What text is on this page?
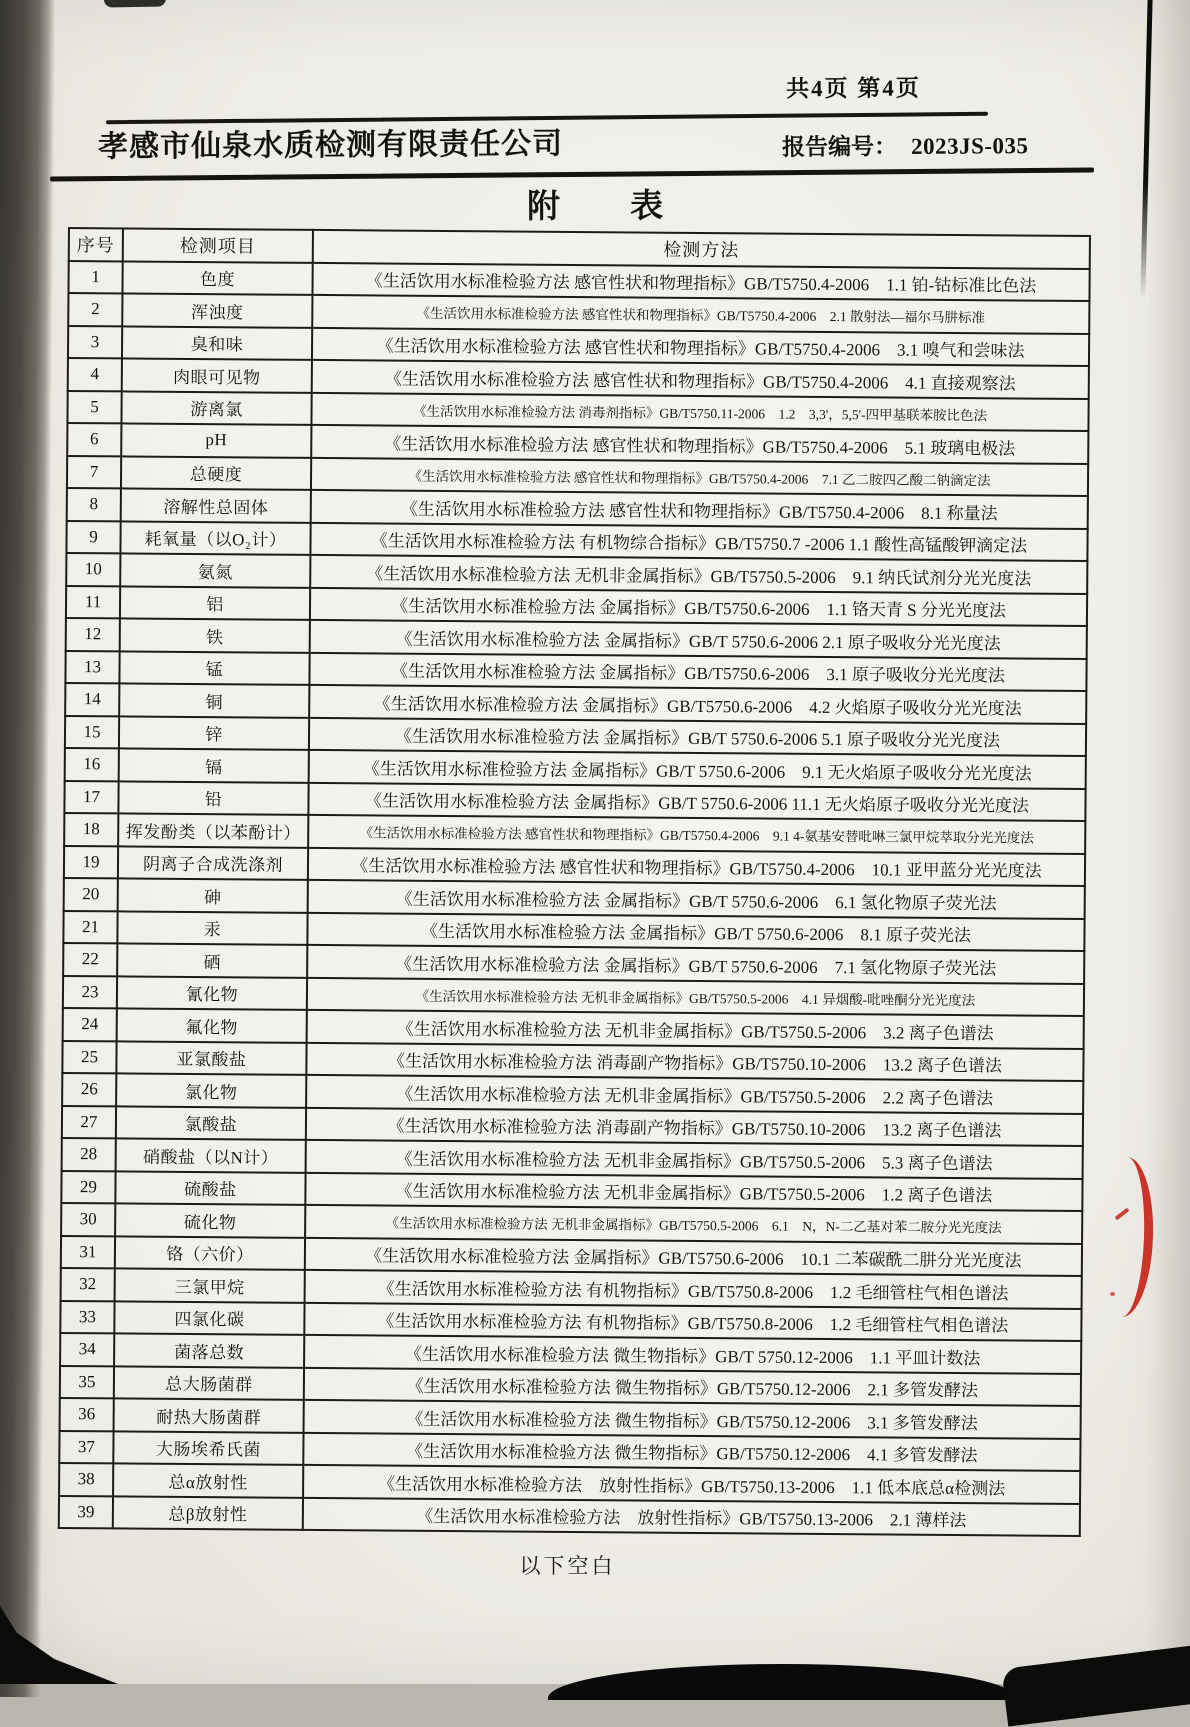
共4页 第4页
孝感市仙泉水质检测有限责任公司	报告编号： 2023JS-035
附表
序号	检测项目	检测方法
1	色度	《生活饮用水标准检验方法 感官性状和物理指标》GB/T5750.4-2006　1.1 铂-钴标准比色法
2	浑浊度	《生活饮用水标准检验方法 感官性状和物理指标》GB/T5750.4-2006　2.1 散射法—福尔马肼标准
3	臭和味	《生活饮用水标准检验方法 感官性状和物理指标》GB/T5750.4-2006　3.1 嗅气和尝味法
4	肉眼可见物	《生活饮用水标准检验方法 感官性状和物理指标》GB/T5750.4-2006　4.1 直接观察法
5	游离氯	《生活饮用水标准检验方法 消毒剂指标》GB/T5750.11-2006　1.2　3,3'，5,5'-四甲基联苯胺比色法
6	pH	《生活饮用水标准检验方法 感官性状和物理指标》GB/T5750.4-2006　5.1 玻璃电极法
7	总硬度	《生活饮用水标准检验方法 感官性状和物理指标》GB/T5750.4-2006　7.1 乙二胺四乙酸二钠滴定法
8	溶解性总固体	《生活饮用水标准检验方法 感官性状和物理指标》GB/T5750.4-2006　8.1 称量法
9	耗氧量（以O₂计）	《生活饮用水标准检验方法 有机物综合指标》GB/T5750.7 -2006 1.1 酸性高锰酸钾滴定法
10	氨氮	《生活饮用水标准检验方法 无机非金属指标》GB/T5750.5-2006　9.1 纳氏试剂分光光度法
11	铝	《生活饮用水标准检验方法 金属指标》GB/T5750.6-2006　1.1 铬天青 S 分光光度法
12	铁	《生活饮用水标准检验方法 金属指标》GB/T 5750.6-2006 2.1 原子吸收分光光度法
13	锰	《生活饮用水标准检验方法 金属指标》GB/T5750.6-2006　3.1 原子吸收分光光度法
14	铜	《生活饮用水标准检验方法 金属指标》GB/T5750.6-2006　4.2 火焰原子吸收分光光度法
15	锌	《生活饮用水标准检验方法 金属指标》GB/T 5750.6-2006 5.1 原子吸收分光光度法
16	镉	《生活饮用水标准检验方法 金属指标》GB/T 5750.6-2006　9.1 无火焰原子吸收分光光度法
17	铅	《生活饮用水标准检验方法 金属指标》GB/T 5750.6-2006 11.1 无火焰原子吸收分光光度法
18	挥发酚类（以苯酚计）	《生活饮用水标准检验方法 感官性状和物理指标》GB/T5750.4-2006　9.1 4-氨基安替吡啉三氯甲烷萃取分光光度法
19	阴离子合成洗涤剂	《生活饮用水标准检验方法 感官性状和物理指标》GB/T5750.4-2006　10.1 亚甲蓝分光光度法
20	砷	《生活饮用水标准检验方法 金属指标》GB/T 5750.6-2006　6.1 氢化物原子荧光法
21	汞	《生活饮用水标准检验方法 金属指标》GB/T 5750.6-2006　8.1 原子荧光法
22	硒	《生活饮用水标准检验方法 金属指标》GB/T 5750.6-2006　7.1 氢化物原子荧光法
23	氰化物	《生活饮用水标准检验方法 无机非金属指标》GB/T5750.5-2006　4.1 异烟酸-吡唑酮分光光度法
24	氟化物	《生活饮用水标准检验方法 无机非金属指标》GB/T5750.5-2006　3.2 离子色谱法
25	亚氯酸盐	《生活饮用水标准检验方法 消毒副产物指标》GB/T5750.10-2006　13.2 离子色谱法
26	氯化物	《生活饮用水标准检验方法 无机非金属指标》GB/T5750.5-2006　2.2 离子色谱法
27	氯酸盐	《生活饮用水标准检验方法 消毒副产物指标》GB/T5750.10-2006　13.2 离子色谱法
28	硝酸盐（以N计）	《生活饮用水标准检验方法 无机非金属指标》GB/T5750.5-2006　5.3 离子色谱法
29	硫酸盐	《生活饮用水标准检验方法 无机非金属指标》GB/T5750.5-2006　1.2 离子色谱法
30	硫化物	《生活饮用水标准检验方法 无机非金属指标》GB/T5750.5-2006　6.1　N，N-二乙基对苯二胺分光光度法
31	铬（六价）	《生活饮用水标准检验方法 金属指标》GB/T5750.6-2006　10.1 二苯碳酰二肼分光光度法
32	三氯甲烷	《生活饮用水标准检验方法 有机物指标》GB/T5750.8-2006　1.2 毛细管柱气相色谱法
33	四氯化碳	《生活饮用水标准检验方法 有机物指标》GB/T5750.8-2006　1.2 毛细管柱气相色谱法
34	菌落总数	《生活饮用水标准检验方法 微生物指标》GB/T 5750.12-2006　1.1 平皿计数法
35	总大肠菌群	《生活饮用水标准检验方法 微生物指标》GB/T5750.12-2006　2.1 多管发酵法
36	耐热大肠菌群	《生活饮用水标准检验方法 微生物指标》GB/T5750.12-2006　3.1 多管发酵法
37	大肠埃希氏菌	《生活饮用水标准检验方法 微生物指标》GB/T5750.12-2006　4.1 多管发酵法
38	总α放射性	《生活饮用水标准检验方法　放射性指标》GB/T5750.13-2006　1.1 低本底总α检测法
39	总β放射性	《生活饮用水标准检验方法　放射性指标》GB/T5750.13-2006　2.1 薄样法
以下空白
